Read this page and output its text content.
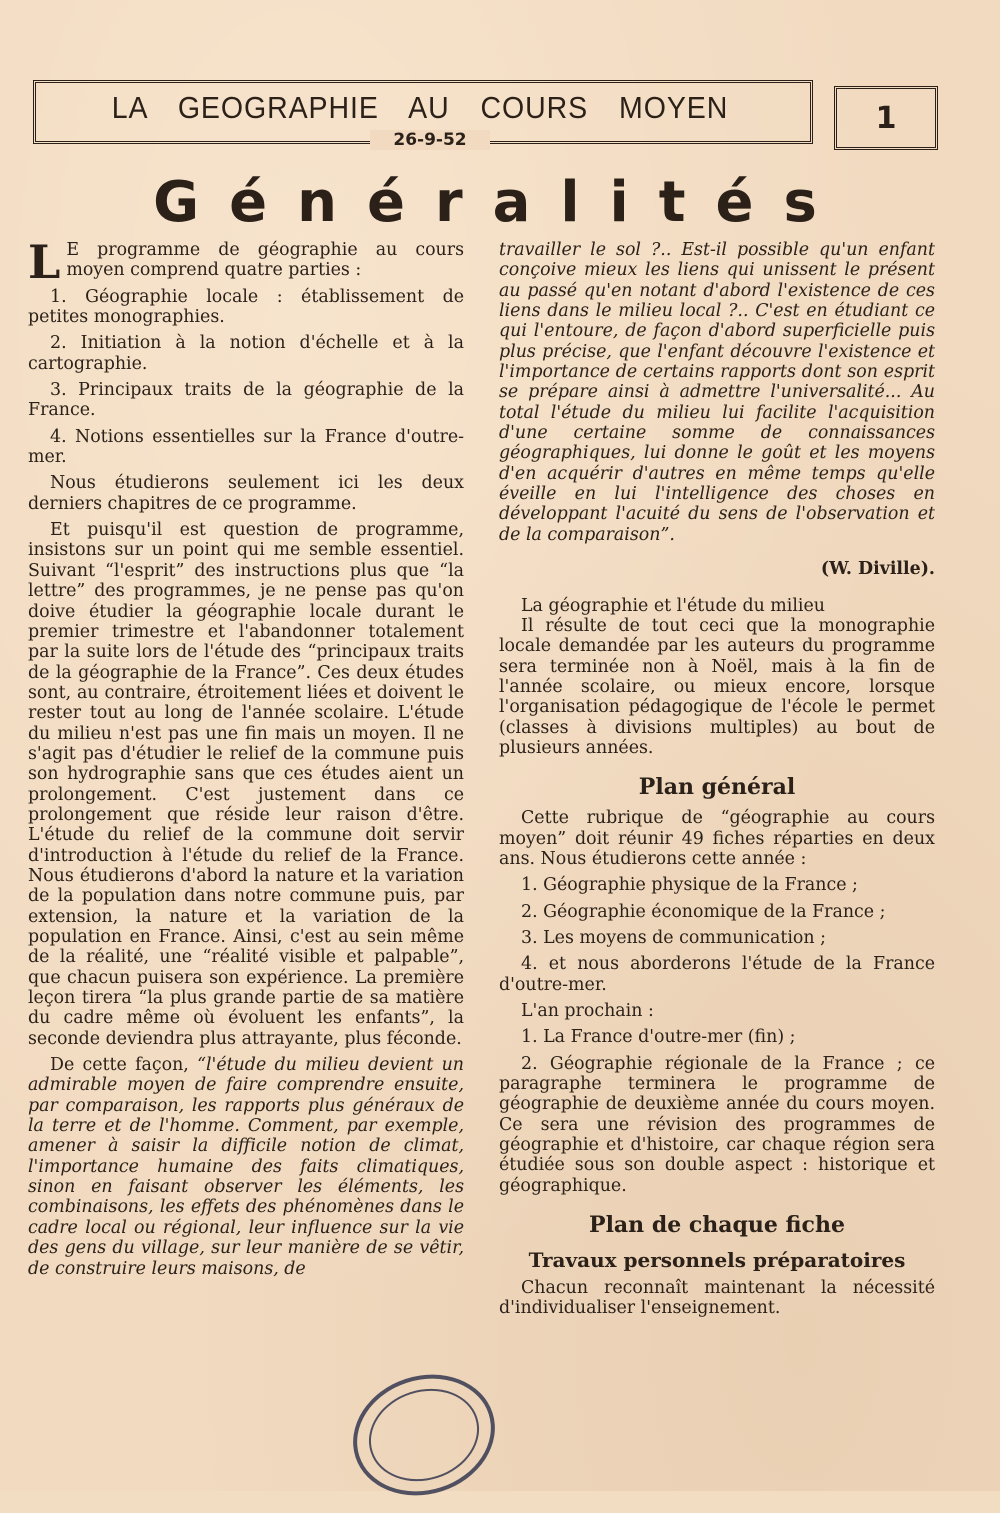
LA GEOGRAPHIE AU COURS MOYEN
26-9-52
1
Généralités

L E programme de géographie au cours moyen comprend quatre parties :

1. Géographie locale : établissement de petites monographies.

2. Initiation à la notion d'échelle et à la cartographie.

3. Principaux traits de la géographie de la France.

4. Notions essentielles sur la France d'outre-mer.

Nous étudierons seulement ici les deux derniers chapitres de ce programme.

Et puisqu'il est question de programme, insistons sur un point qui me semble essentiel. Suivant “l'esprit” des instructions plus que “la lettre” des programmes, je ne pense pas qu'on doive étudier la géographie locale durant le premier trimestre et l'abandonner totalement par la suite lors de l'étude des “principaux traits de la géographie de la France”. Ces deux études sont, au contraire, étroitement liées et doivent le rester tout au long de l'année scolaire. L'étude du milieu n'est pas une fin mais un moyen. Il ne s'agit pas d'étudier le relief de la commune puis son hydrographie sans que ces études aient un prolongement. C'est justement dans ce prolongement que réside leur raison d'être. L'étude du relief de la commune doit servir d'introduction à l'étude du relief de la France. Nous étudierons d'abord la nature et la variation de la population dans notre commune puis, par extension, la nature et la variation de la population en France. Ainsi, c'est au sein même de la réalité, une “réalité visible et palpable”, que chacun puisera son expérience. La première leçon tirera “la plus grande partie de sa matière du cadre même où évoluent les enfants”, la seconde deviendra plus attrayante, plus féconde.

De cette façon, “l'étude du milieu devient un admirable moyen de faire comprendre ensuite, par comparaison, les rapports plus généraux de la terre et de l'homme. Comment, par exemple, amener à saisir la difficile notion de climat, l'importance humaine des faits climatiques, sinon en faisant observer les éléments, les combinaisons, les effets des phénomènes dans le cadre local ou régional, leur influence sur la vie des gens du village, sur leur manière de se vêtir, de construire leurs maisons, de

travailler le sol ?.. Est-il possible qu'un enfant conçoive mieux les liens qui unissent le présent au passé qu'en notant d'abord l'existence de ces liens dans le milieu local ?.. C'est en étudiant ce qui l'entoure, de façon d'abord superficielle puis plus précise, que l'enfant découvre l'existence et l'importance de certains rapports dont son esprit se prépare ainsi à admettre l'universalité... Au total l'étude du milieu lui facilite l'acquisition d'une certaine somme de connaissances géographiques, lui donne le goût et les moyens d'en acquérir d'autres en même temps qu'elle éveille en lui l'intelligence des choses en développant l'acuité du sens de l'observation et de la comparaison”.

(W. Diville).

La géographie et l'étude du milieu

Il résulte de tout ceci que la monographie locale demandée par les auteurs du programme sera terminée non à Noël, mais à la fin de l'année scolaire, ou mieux encore, lorsque l'organisation pédagogique de l'école le permet (classes à divisions multiples) au bout de plusieurs années.

Plan général

Cette rubrique de “géographie au cours moyen” doit réunir 49 fiches réparties en deux ans. Nous étudierons cette année :

1. Géographie physique de la France ;

2. Géographie économique de la France ;

3. Les moyens de communication ;

4. et nous aborderons l'étude de la France d'outre-mer.

L'an prochain :

1. La France d'outre-mer (fin) ;

2. Géographie régionale de la France ; ce paragraphe terminera le programme de géographie de deuxième année du cours moyen. Ce sera une révision des programmes de géographie et d'histoire, car chaque région sera étudiée sous son double aspect : historique et géographique.

Plan de chaque fiche
Travaux personnels préparatoires

Chacun reconnaît maintenant la nécessité d'individualiser l'enseignement.
